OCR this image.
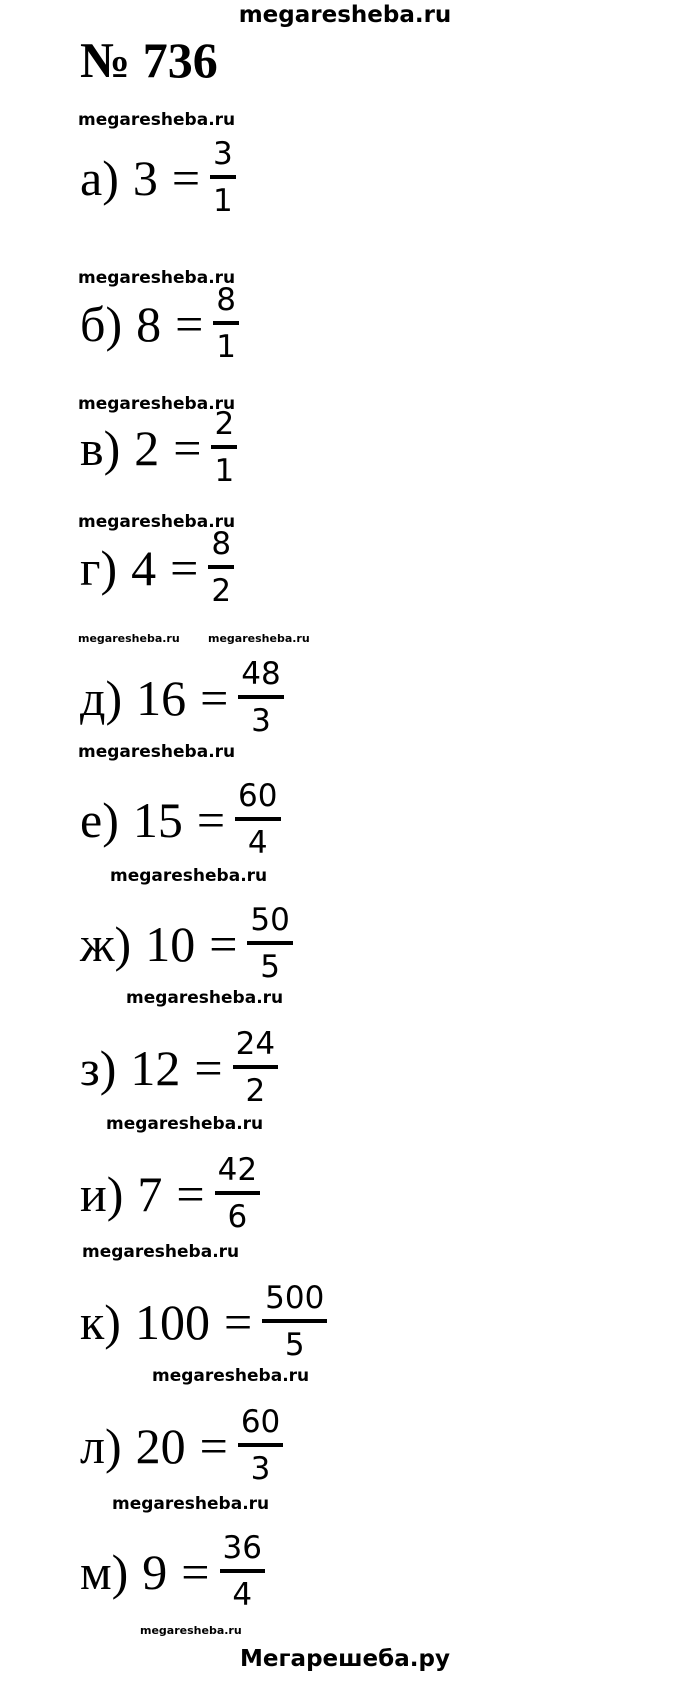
megaresheba.ru
№ 736
megaresheba.ru
megaresheba.ru
megaresheba.ru
megaresheba.ru
megaresheba.ru	megaresheba.ru
megaresheba.ru
megaresheba.ru
megaresheba.ru
megaresheba.ru
megaresheba.ru
megaresheba.ru
megaresheba.ru
megaresheba.ru
а) $3 = \frac{3}{1}$
б) $8 = \frac{8}{1}$
в) $2 = \frac{2}{1}$
г) $4 = \frac{8}{2}$
д) $16 = \frac{48}{3}$
е) $15 = \frac{60}{4}$
ж) $10 = \frac{50}{5}$
з) $12 = \frac{24}{2}$
и) $7 = \frac{42}{6}$
к) $100 = \frac{500}{5}$
л) $20 = \frac{60}{3}$
м) $9 = \frac{36}{4}$
Мегарешеба.ру
